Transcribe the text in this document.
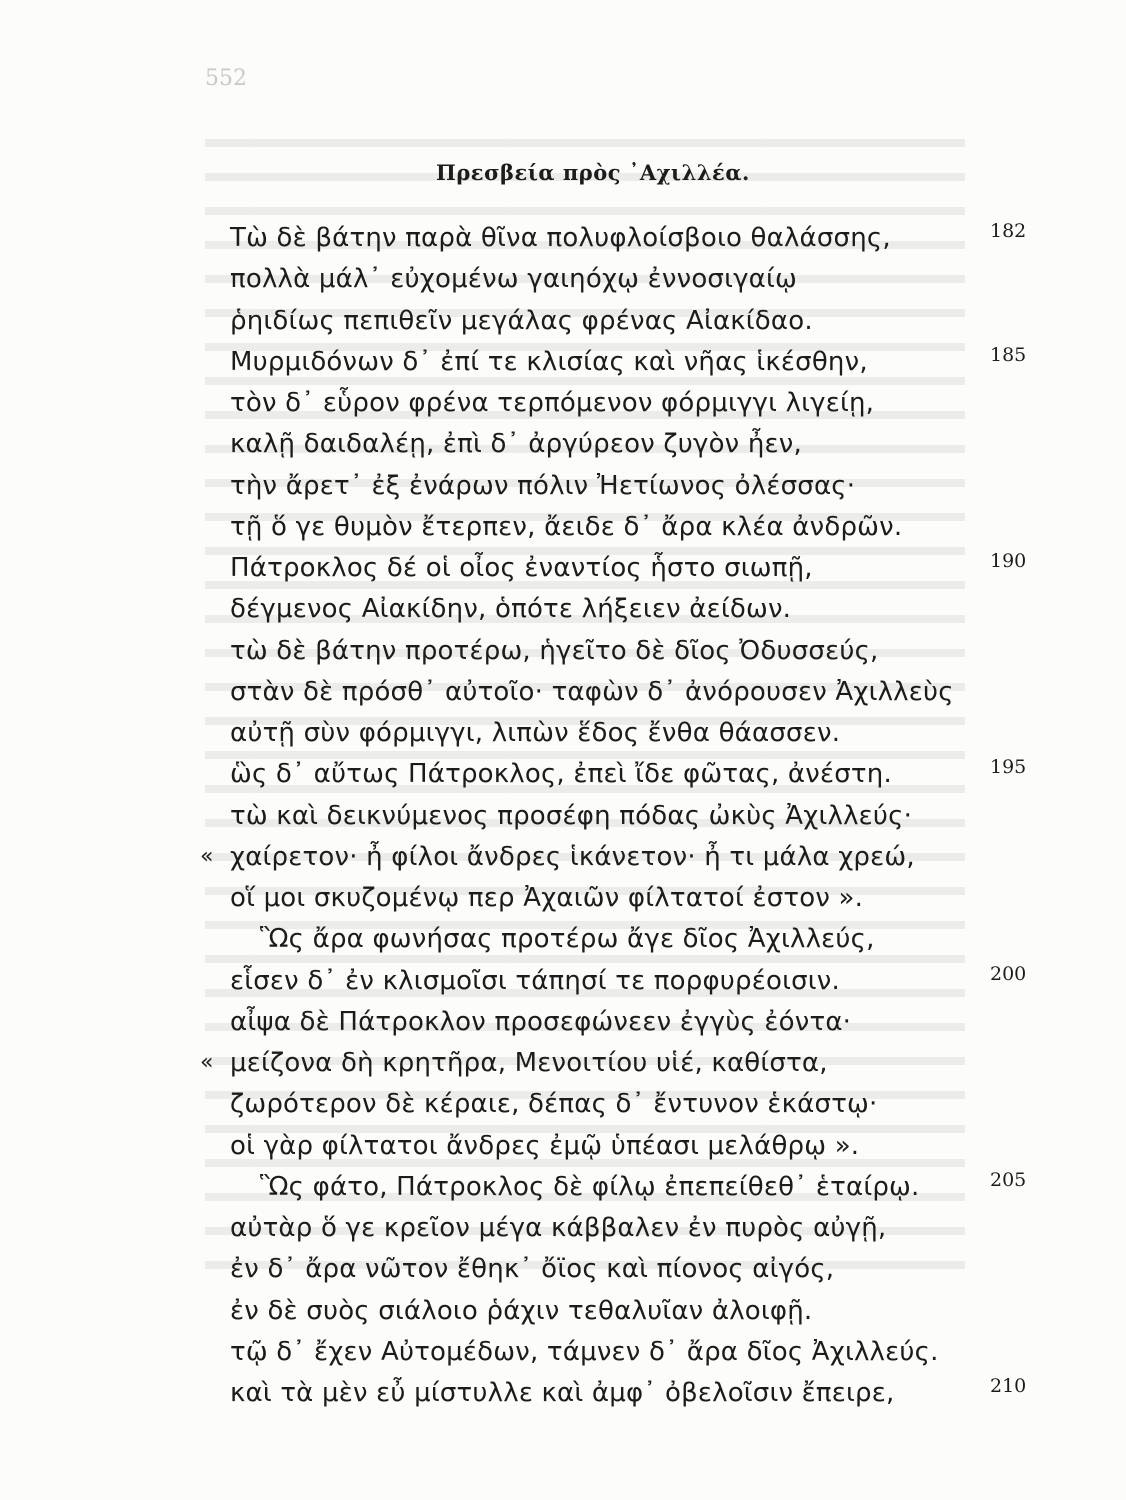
552
Πρεσβεία πρὸς ᾿Αχιλλέα.
Τὼ δὲ βάτην παρὰ θῖνα πολυφλοίσβοιο θαλάσσης,	182
πολλὰ μάλ᾿ εὐχομένω γαιηόχῳ ἐννοσιγαίῳ
ῥηιδίως πεπιθεῖν μεγάλας φρένας Αἰακίδαο.
Μυρμιδόνων δ᾿ ἐπί τε κλισίας καὶ νῆας ἱκέσθην,	185
τὸν δ᾿ εὗρον φρένα τερπόμενον φόρμιγγι λιγείῃ,
καλῇ δαιδαλέῃ, ἐπὶ δ᾿ ἀργύρεον ζυγὸν ἦεν,
τὴν ἄρετ᾿ ἐξ ἐνάρων πόλιν Ἠετίωνος ὀλέσσας·
τῇ ὅ γε θυμὸν ἔτερπεν, ἄειδε δ᾿ ἄρα κλέα ἀνδρῶν.
Πάτροκλος δέ οἱ οἶος ἐναντίος ἧστο σιωπῇ,	190
δέγμενος Αἰακίδην, ὁπότε λήξειεν ἀείδων.
τὼ δὲ βάτην προτέρω, ἡγεῖτο δὲ δῖος Ὀδυσσεύς,
στὰν δὲ πρόσθ᾿ αὐτοῖο· ταφὼν δ᾿ ἀνόρουσεν Ἀχιλλεὺς
αὐτῇ σὺν φόρμιγγι, λιπὼν ἕδος ἔνθα θάασσεν.
ὣς δ᾿ αὔτως Πάτροκλος, ἐπεὶ ἴδε φῶτας, ἀνέστη.	195
τὼ καὶ δεικνύμενος προσέφη πόδας ὠκὺς Ἀχιλλεύς·
χαίρετον· ἦ φίλοι ἄνδρες ἱκάνετον· ἦ τι μάλα χρεώ,
«
οἵ μοι σκυζομένῳ περ Ἀχαιῶν φίλτατοί ἐστον ».
Ὣς ἄρα φωνήσας προτέρω ἄγε δῖος Ἀχιλλεύς,
εἷσεν δ᾿ ἐν κλισμοῖσι τάπησί τε πορφυρέοισιν.	200
αἶψα δὲ Πάτροκλον προσεφώνεεν ἐγγὺς ἐόντα·
μείζονα δὴ κρητῆρα, Μενοιτίου υἱέ, καθίστα,
«
ζωρότερον δὲ κέραιε, δέπας δ᾿ ἔντυνον ἑκάστῳ·
οἱ γὰρ φίλτατοι ἄνδρες ἐμῷ ὑπέασι μελάθρῳ ».
Ὣς φάτο, Πάτροκλος δὲ φίλῳ ἐπεπείθεθ᾿ ἑταίρῳ.	205
αὐτὰρ ὅ γε κρεῖον μέγα κάββαλεν ἐν πυρὸς αὐγῇ,
ἐν δ᾿ ἄρα νῶτον ἔθηκ᾿ ὄϊος καὶ πίονος αἰγός,
ἐν δὲ συὸς σιάλοιο ῥάχιν τεθαλυῖαν ἀλοιφῇ.
τῷ δ᾿ ἔχεν Αὐτομέδων, τάμνεν δ᾿ ἄρα δῖος Ἀχιλλεύς.
καὶ τὰ μὲν εὖ μίστυλλε καὶ ἀμφ᾿ ὀβελοῖσιν ἔπειρε,	210
